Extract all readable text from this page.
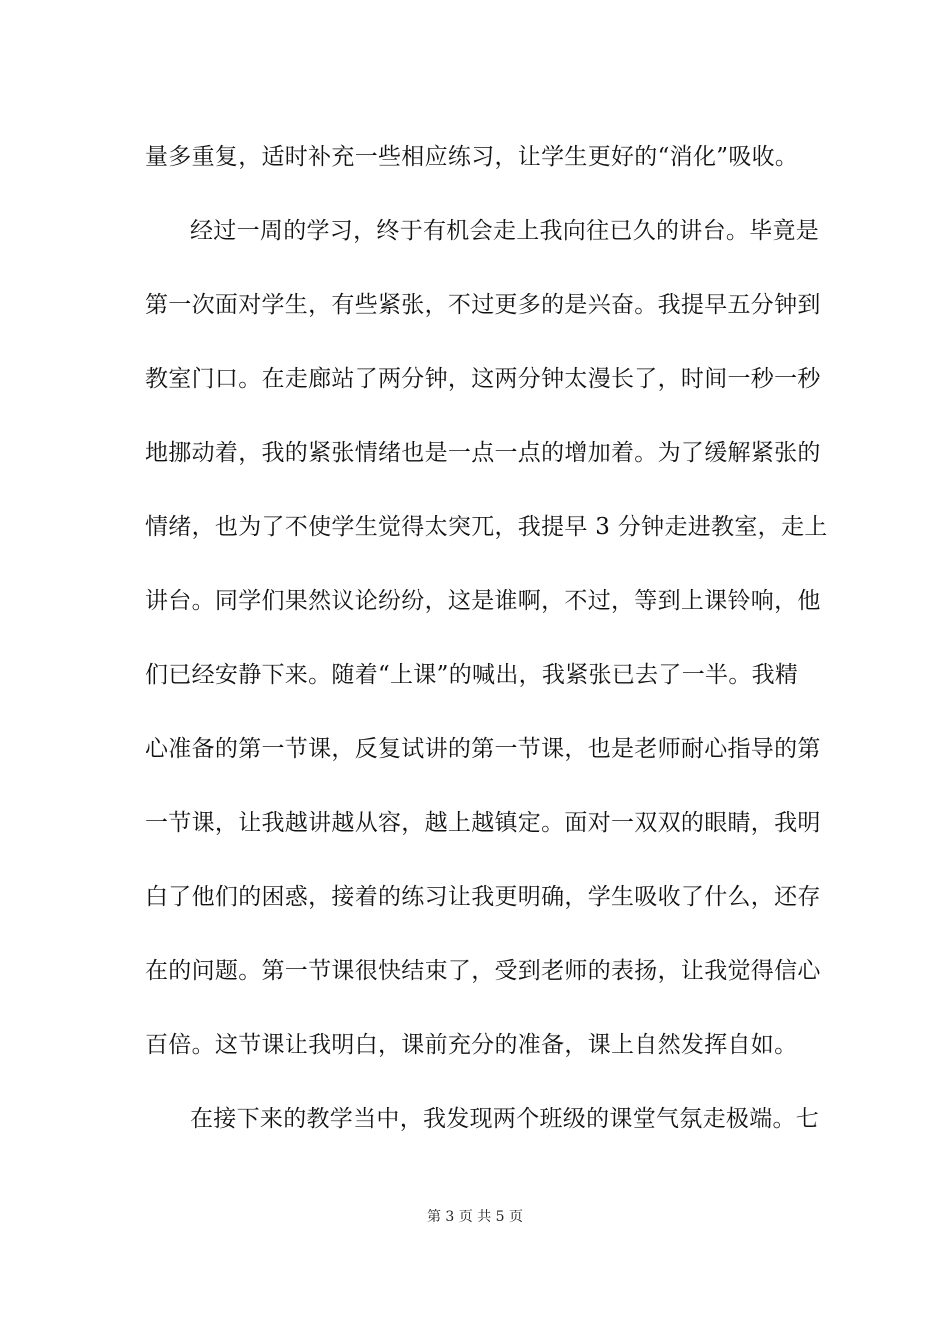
量多重复，适时补充一些相应练习，让学生更好的“消化”吸收。
经过一周的学习，终于有机会走上我向往已久的讲台。毕竟是
第一次面对学生，有些紧张，不过更多的是兴奋。我提早五分钟到
教室门口。在走廊站了两分钟，这两分钟太漫长了，时间一秒一秒
地挪动着，我的紧张情绪也是一点一点的增加着。为了缓解紧张的
情绪，也为了不使学生觉得太突兀，我提早 3 分钟走进教室，走上
讲台。同学们果然议论纷纷，这是谁啊，不过，等到上课铃响，他
们已经安静下来。随着“上课”的喊出，我紧张已去了一半。我精
心准备的第一节课，反复试讲的第一节课，也是老师耐心指导的第
一节课，让我越讲越从容，越上越镇定。面对一双双的眼睛，我明
白了他们的困惑，接着的练习让我更明确，学生吸收了什么，还存
在的问题。第一节课很快结束了，受到老师的表扬，让我觉得信心
百倍。这节课让我明白，课前充分的准备，课上自然发挥自如。
在接下来的教学当中，我发现两个班级的课堂气氛走极端。七
第 3 页 共 5 页
